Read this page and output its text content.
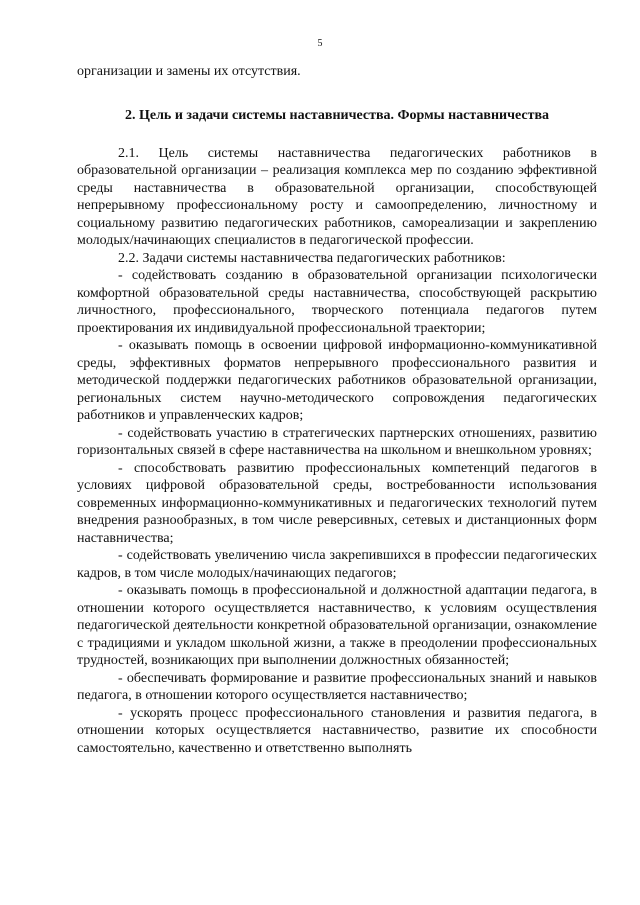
5

организации и замены их отсутствия.

2. Цель и задачи системы наставничества. Формы наставничества

2.1. Цель системы наставничества педагогических работников в образовательной организации – реализация комплекса мер по созданию эффективной среды наставничества в образовательной организации, способствующей непрерывному профессиональному росту и самоопределению, личностному и социальному развитию педагогических работников, самореализации и закреплению молодых/начинающих специалистов в педагогической профессии.

2.2. Задачи системы наставничества педагогических работников:

- содействовать созданию в образовательной организации психологически комфортной образовательной среды наставничества, способствующей раскрытию личностного, профессионального, творческого потенциала педагогов путем проектирования их индивидуальной профессиональной траектории;

- оказывать помощь в освоении цифровой информационно-коммуникативной среды, эффективных форматов непрерывного профессионального развития и методической поддержки педагогических работников образовательной организации, региональных систем научно-методического сопровождения педагогических работников и управленческих кадров;

- содействовать участию в стратегических партнерских отношениях, развитию горизонтальных связей в сфере наставничества на школьном и внешкольном уровнях;

- способствовать развитию профессиональных компетенций педагогов в условиях цифровой образовательной среды, востребованности использования современных информационно-коммуникативных и педагогических технологий путем внедрения разнообразных, в том числе реверсивных, сетевых и дистанционных форм наставничества;

- содействовать увеличению числа закрепившихся в профессии педагогических кадров, в том числе молодых/начинающих педагогов;

- оказывать помощь в профессиональной и должностной адаптации педагога, в отношении которого осуществляется наставничество, к условиям осуществления педагогической деятельности конкретной образовательной организации, ознакомление с традициями и укладом школьной жизни, а также в преодолении профессиональных трудностей, возникающих при выполнении должностных обязанностей;

- обеспечивать формирование и развитие профессиональных знаний и навыков педагога, в отношении которого осуществляется наставничество;

- ускорять процесс профессионального становления и развития педагога, в отношении которых осуществляется наставничество, развитие их способности самостоятельно, качественно и ответственно выполнять
